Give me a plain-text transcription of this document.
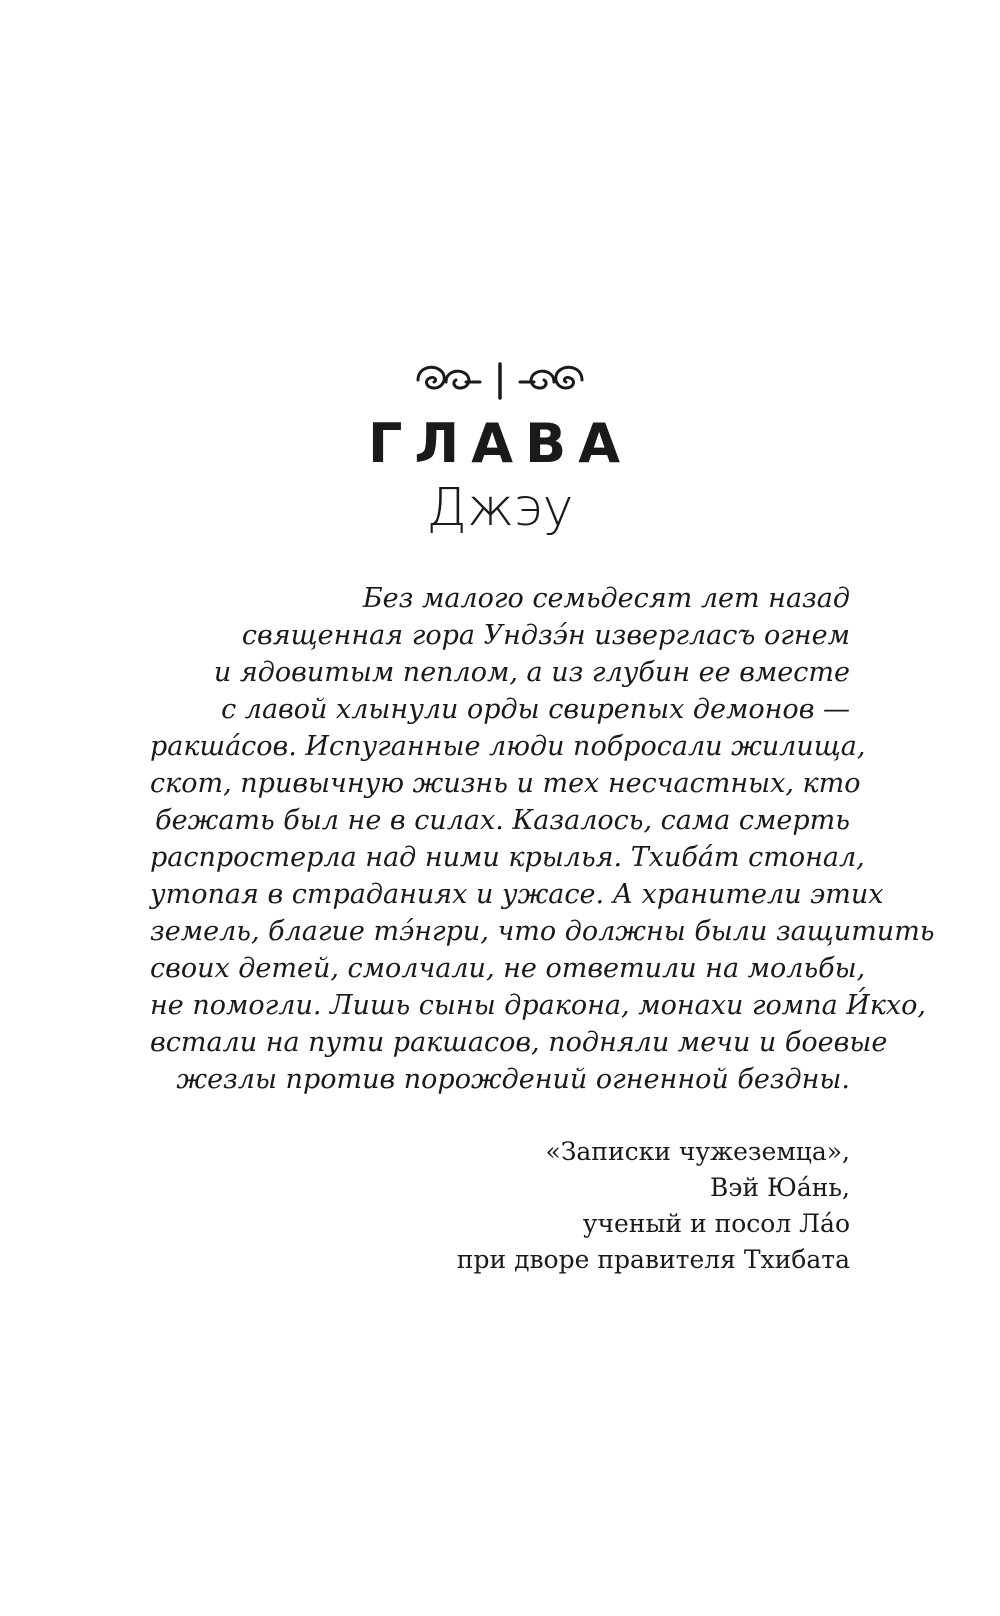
ГЛАВА
Джэу
Без малого семьдесят лет назад
священная гора Ундзэ́н извергласъ огнем
и ядовитым пеплом, а из глубин ее вместе
с лавой хлынули орды свирепых демонов —
ракша́сов. Испуганные люди побросали жилища,
скот, привычную жизнь и тех несчастных, кто
бежать был не в силах. Казалось, сама смерть
распростерла над ними крылья. Тхиба́т стонал,
утопая в страданиях и ужасе. А хранители этих
земель, благие тэ́нгри, что должны были защитить
своих детей, смолчали, не ответили на мольбы,
не помогли. Лишь сыны дракона, монахи гомпа И́кхо,
встали на пути ракшасов, подняли мечи и боевые
жезлы против порождений огненной бездны.
«Записки чужеземца»,
Вэй Юа́нь,
ученый и посол Ла́о
при дворе правителя Тхибата
